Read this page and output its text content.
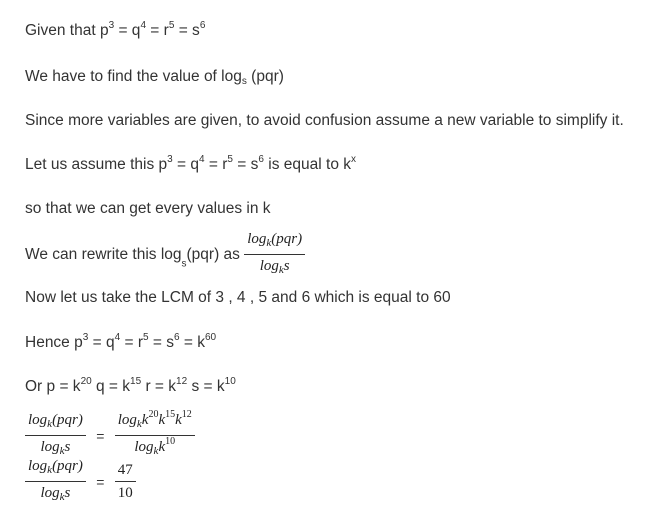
Given that $p^3 = q^4 = r^5 = s^6$
We have to find the value of $\log_s (pqr)$
Since more variables are given, to avoid confusion assume a new variable to simplify it.
Let us assume this $p^3 = q^4 = r^5 = s^6$ is equal to $k^x$
so that we can get every values in k
We can rewrite this $\log_s(pqr)$ as $\frac{\log_k(pqr)}{\log_ks}$
Now let us take the LCM of 3 , 4 , 5 and 6 which is equal to 60
Hence $p^3 = q^4 = r^5 = s^6 = k^{60}$
Or $p = k^{20}$ $q = k^{15}$ $r = k^{12}$ $s = k^{10}$
$\frac{\log_k(pqr)}{\log_ks} = \frac{\log_kk^{20}k^{15}k^{12}}{\log_kk^{10}}$
$\frac{\log_k(pqr)}{\log_ks} = \frac{47}{10}$
